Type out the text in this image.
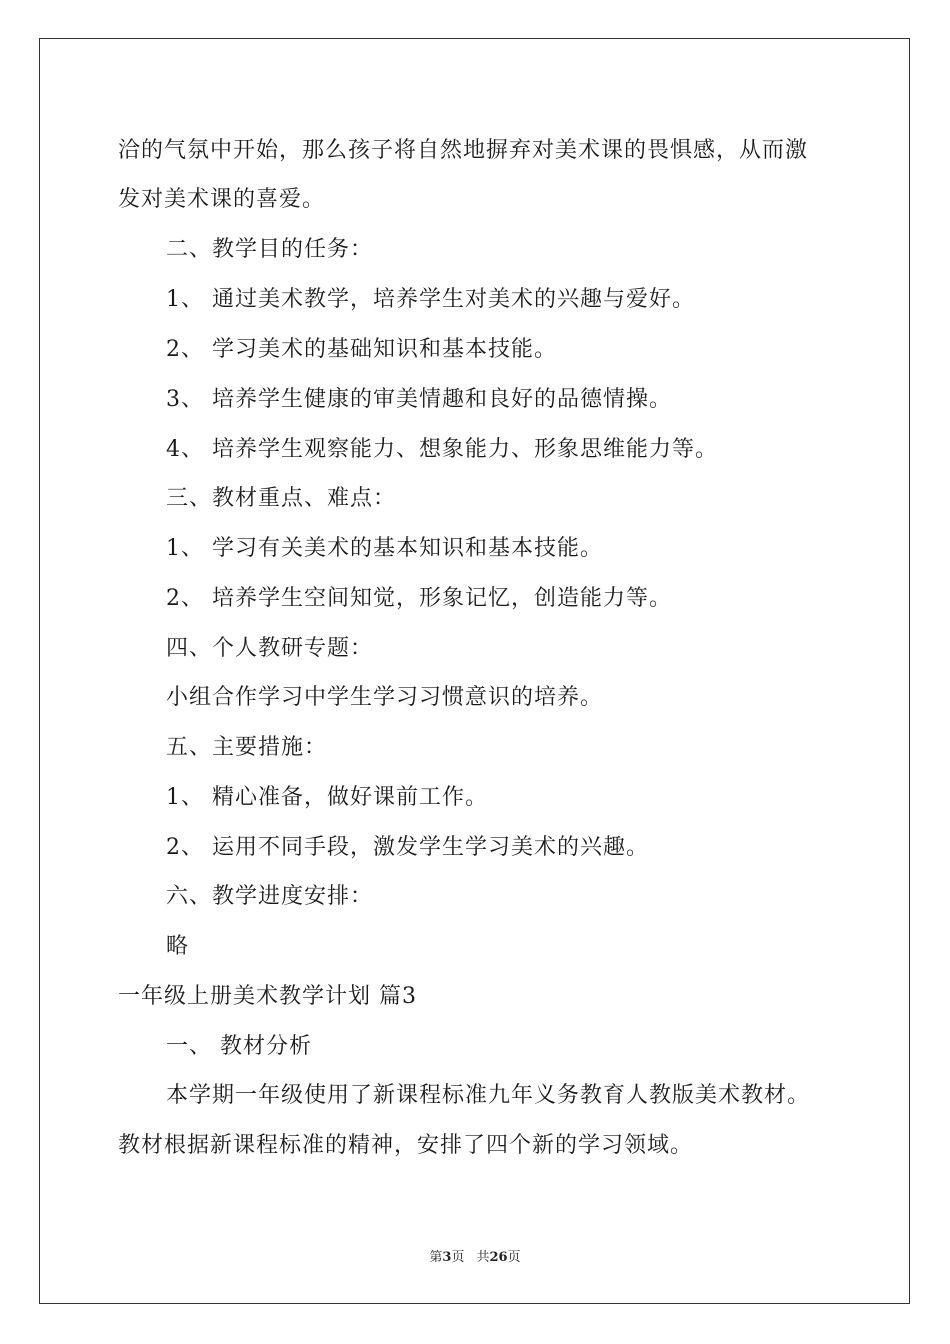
洽的气氛中开始，那么孩子将自然地摒弃对美术课的畏惧感，从而激
发对美术课的喜爱。
二、教学目的任务：
1、 通过美术教学，培养学生对美术的兴趣与爱好。
2、 学习美术的基础知识和基本技能。
3、 培养学生健康的审美情趣和良好的品德情操。
4、 培养学生观察能力、想象能力、形象思维能力等。
三、教材重点、难点：
1、 学习有关美术的基本知识和基本技能。
2、 培养学生空间知觉，形象记忆，创造能力等。
四、个人教研专题：
小组合作学习中学生学习习惯意识的培养。
五、主要措施：
1、 精心准备，做好课前工作。
2、 运用不同手段，激发学生学习美术的兴趣。
六、教学进度安排：
略
一年级上册美术教学计划 篇3
一、 教材分析
本学期一年级使用了新课程标准九年义务教育人教版美术教材。
教材根据新课程标准的精神，安排了四个新的学习领域。
第3页 共26页
